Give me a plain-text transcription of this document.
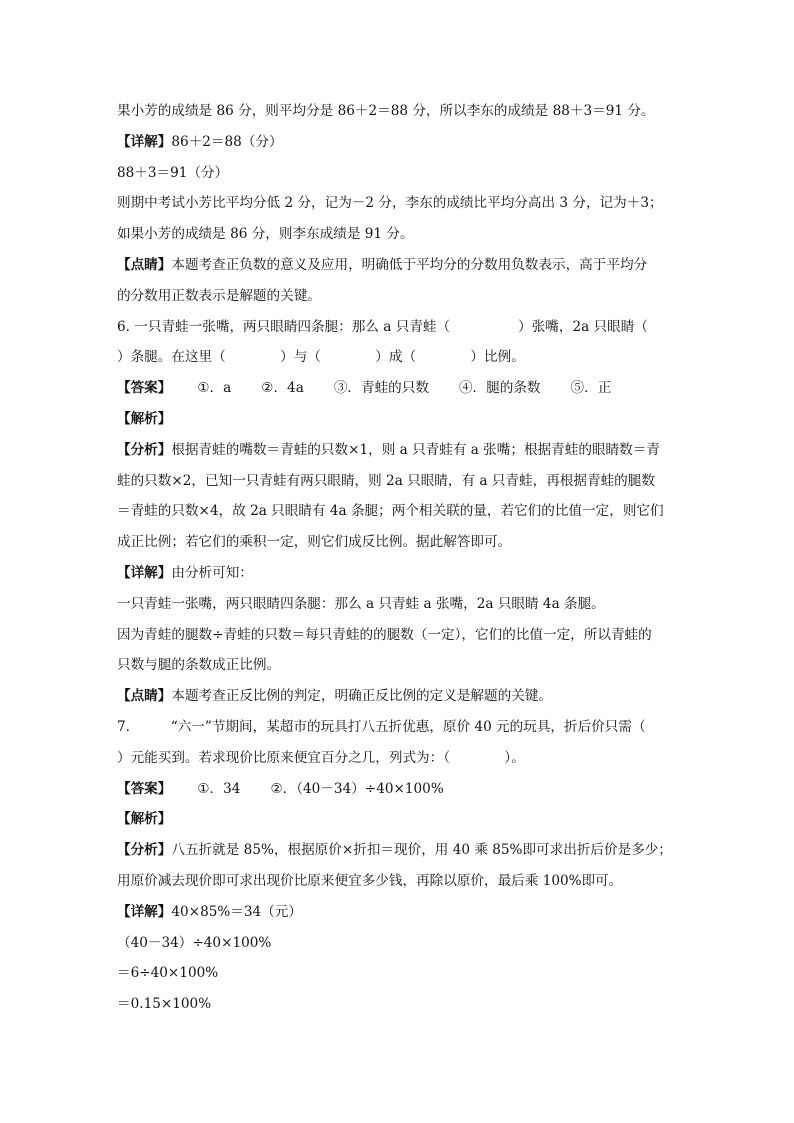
果小芳的成绩是 86 分，则平均分是 86＋2＝88 分，所以李东的成绩是 88＋3＝91 分。
【详解】86＋2＝88（分）
88＋3＝91（分）
则期中考试小芳比平均分低 2 分，记为－2 分，李东的成绩比平均分高出 3 分，记为＋3；
如果小芳的成绩是 86 分，则李东成绩是 91 分。
【点睛】本题考查正负数的意义及应用，明确低于平均分的分数用负数表示，高于平均分
的分数用正数表示是解题的关键。
6. 一只青蛙一张嘴，两只眼睛四条腿：那么 a 只青蛙（　　　　　）张嘴，2a 只眼睛（
）条腿。在这里（　　　　）与（　　　　）成（　　　　）比例。
【答案】 ①．a ②．4a ③．青蛙的只数 ④．腿的条数 ⑤．正
【解析】
【分析】根据青蛙的嘴数＝青蛙的只数×1，则 a 只青蛙有 a 张嘴；根据青蛙的眼睛数＝青
蛙的只数×2，已知一只青蛙有两只眼睛，则 2a 只眼睛，有 a 只青蛙，再根据青蛙的腿数
＝青蛙的只数×4，故 2a 只眼睛有 4a 条腿；两个相关联的量，若它们的比值一定，则它们
成正比例；若它们的乘积一定，则它们成反比例。据此解答即可。
【详解】由分析可知：
一只青蛙一张嘴，两只眼睛四条腿：那么 a 只青蛙 a 张嘴，2a 只眼睛 4a 条腿。
因为青蛙的腿数÷青蛙的只数＝每只青蛙的的腿数（一定），它们的比值一定，所以青蛙的
只数与腿的条数成正比例。
【点睛】本题考查正反比例的判定，明确正反比例的定义是解题的关键。
7.　　　“六一”节期间，某超市的玩具打八五折优惠，原价 40 元的玩具，折后价只需（
）元能买到。若求现价比原来便宜百分之几，列式为：（　　　　）。
【答案】 ①．34 ②．（40－34）÷40×100%
【解析】
【分析】八五折就是 85%，根据原价×折扣＝现价，用 40 乘 85%即可求出折后价是多少；
用原价减去现价即可求出现价比原来便宜多少钱，再除以原价，最后乘 100%即可。
【详解】40×85%＝34（元）
（40－34）÷40×100%
＝6÷40×100%
＝0.15×100%
